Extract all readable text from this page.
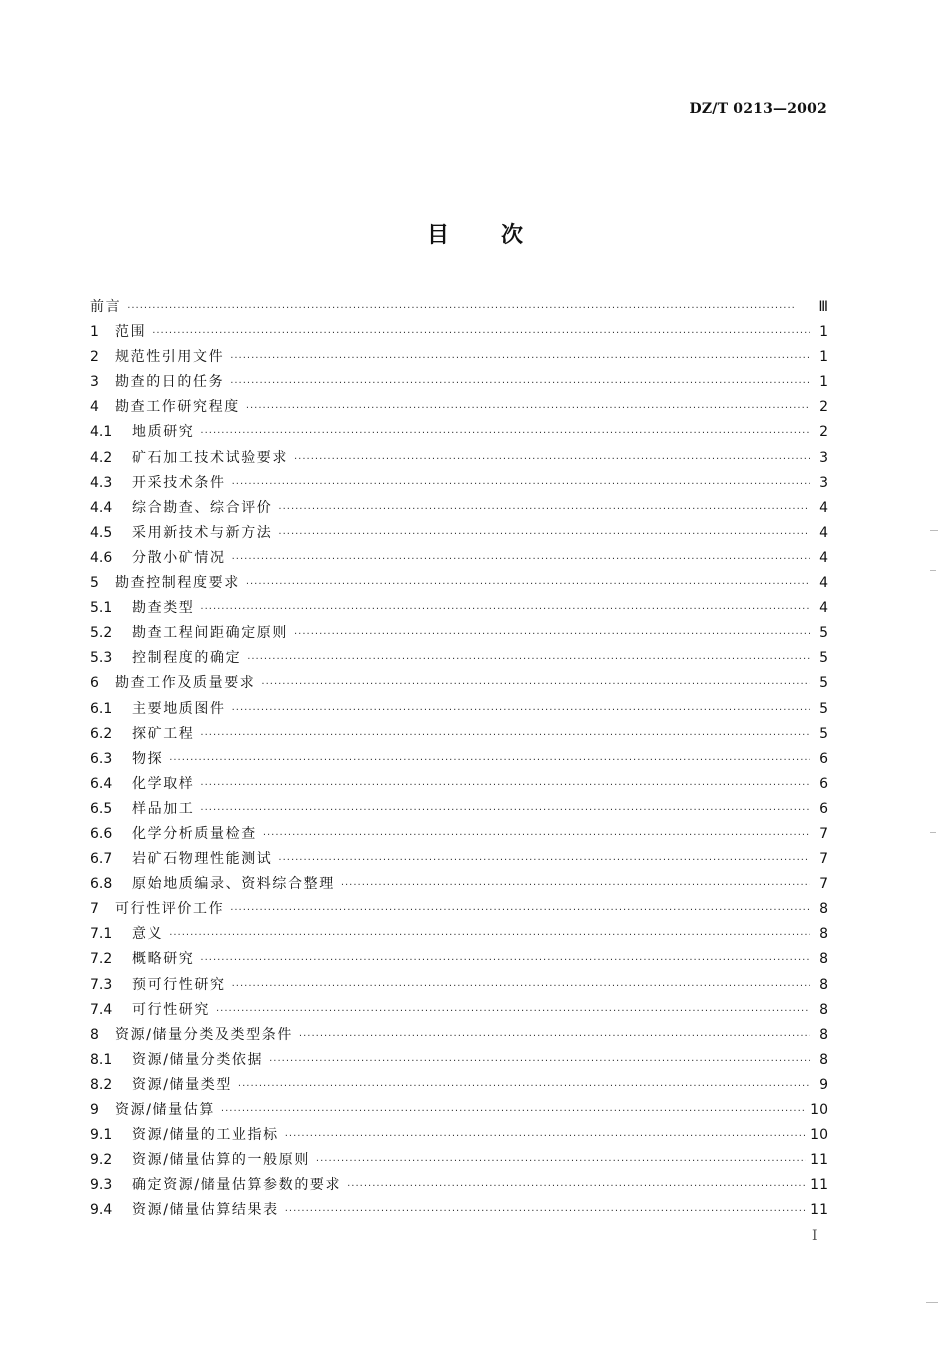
DZ/T 0213—2002
目次
前言 ·····	Ⅲ
1	范围 ·····	1
2	规范性引用文件 ·····	1
3	勘查的日的任务 ·····	1
4	勘查工作研究程度 ·····	2
4.1	地质研究 ·····	2
4.2	矿石加工技术试验要求 ·····	3
4.3	开采技术条件 ·····	3
4.4	综合勘查、综合评价 ·····	4
4.5	采用新技术与新方法 ·····	4
4.6	分散小矿情况 ·····	4
5	勘查控制程度要求 ·····	4
5.1	勘查类型 ·····	4
5.2	勘查工程间距确定原则 ·····	5
5.3	控制程度的确定 ·····	5
6	勘查工作及质量要求 ·····	5
6.1	主要地质图件 ·····	5
6.2	探矿工程 ·····	5
6.3	物探 ·····	6
6.4	化学取样 ·····	6
6.5	样品加工 ·····	6
6.6	化学分析质量检查 ·····	7
6.7	岩矿石物理性能测试 ·····	7
6.8	原始地质编录、资料综合整理 ·····	7
7	可行性评价工作 ·····	8
7.1	意义 ·····	8
7.2	概略研究 ·····	8
7.3	预可行性研究 ·····	8
7.4	可行性研究 ·····	8
8	资源/储量分类及类型条件 ·····	8
8.1	资源/储量分类依据 ·····	8
8.2	资源/储量类型 ·····	9
9	资源/储量估算 ·····	10
9.1	资源/储量的工业指标 ·····	10
9.2	资源/储量估算的一般原则 ·····	11
9.3	确定资源/储量估算参数的要求 ·····	11
9.4	资源/储量估算结果表 ·····	11
I
